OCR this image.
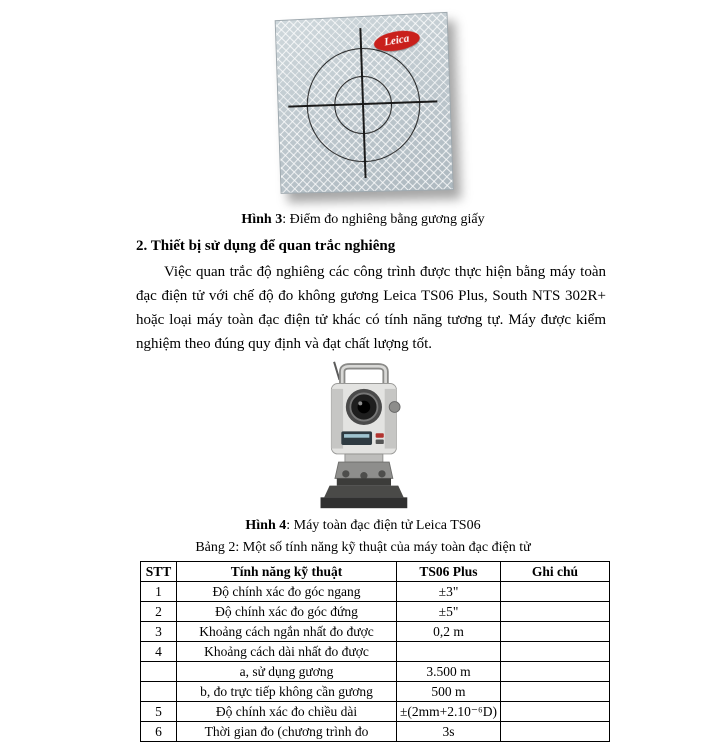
Leica

Hình 3: Điểm đo nghiêng bằng gương giấy

2. Thiết bị sử dụng để quan trắc nghiêng

Việc quan trắc độ nghiêng các công trình được thực hiện bằng máy toàn đạc điện tử với chế độ đo không gương Leica TS06 Plus, South NTS 302R+ hoặc loại máy toàn đạc điện tử khác có tính năng tương tự. Máy được kiểm nghiệm theo đúng quy định và đạt chất lượng tốt.

Hình 4: Máy toàn đạc điện tử Leica TS06

Bảng 2: Một số tính năng kỹ thuật của máy toàn đạc điện tử

STT	Tính năng kỹ thuật	TS06 Plus	Ghi chú
1	Độ chính xác đo góc ngang	±3"	
2	Độ chính xác đo góc đứng	±5"	
3	Khoảng cách ngắn nhất đo được	0,2 m	
4	Khoảng cách dài nhất đo được		
	a, sử dụng gương	3.500 m	
	b, đo trực tiếp không cần gương	500 m	
5	Độ chính xác đo chiều dài	±(2mm+2.10⁻⁶D)	
6	Thời gian đo (chương trình đo	3s	
